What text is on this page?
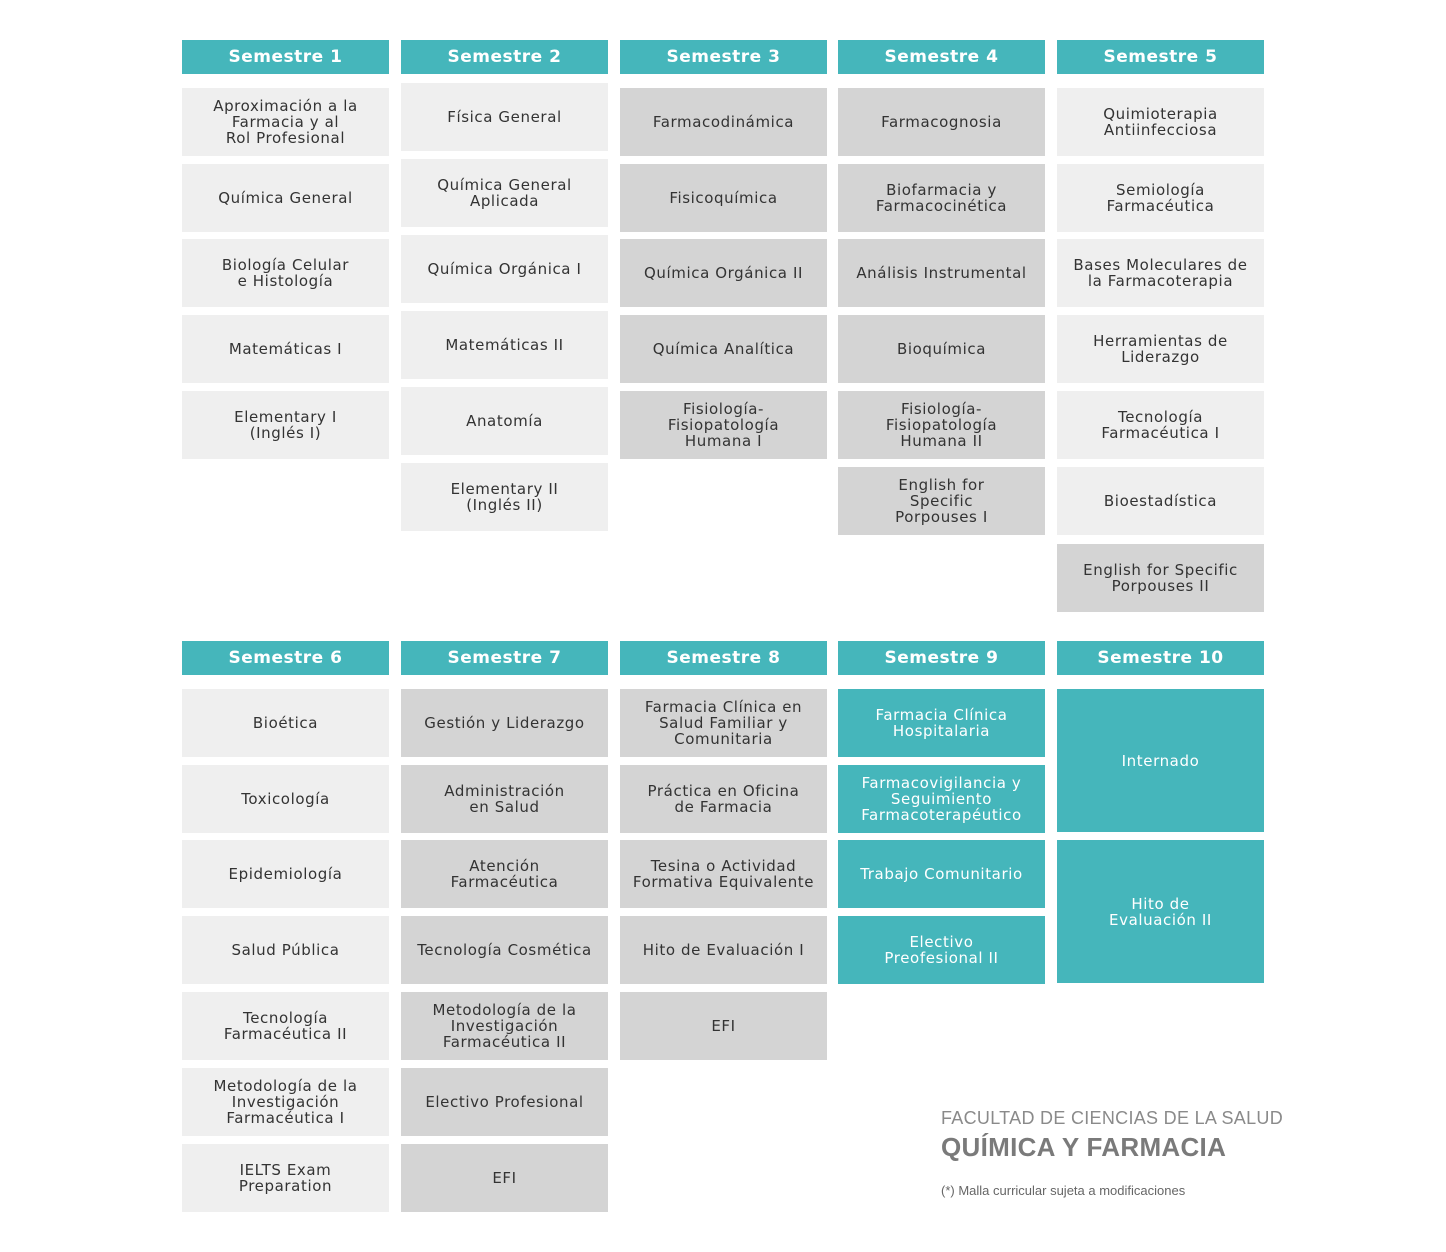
Semestre 1
Aproximación a la
Farmacia y al
Rol Profesional
Química General
Biología Celular
e Histología
Matemáticas I
Elementary I
(Inglés I)
Semestre 2
Física General
Química General
Aplicada
Química Orgánica I
Matemáticas II
Anatomía
Elementary II
(Inglés II)
Semestre 3
Farmacodinámica
Fisicoquímica
Química Orgánica II
Química Analítica
Fisiología-
Fisiopatología
Humana I
Semestre 4
Farmacognosia
Biofarmacia y
Farmacocinética
Análisis Instrumental
Bioquímica
Fisiología-
Fisiopatología
Humana II
English for
Specific
Porpouses I
Semestre 5
Quimioterapia
Antiinfecciosa
Semiología
Farmacéutica
Bases Moleculares de
la Farmacoterapia
Herramientas de
Liderazgo
Tecnología
Farmacéutica I
Bioestadística
English for Specific
Porpouses II
Semestre 6
Bioética
Toxicología
Epidemiología
Salud Pública
Tecnología
Farmacéutica II
Metodología de la
Investigación
Farmacéutica I
IELTS Exam
Preparation
Semestre 7
Gestión y Liderazgo
Administración
en Salud
Atención
Farmacéutica
Tecnología Cosmética
Metodología de la
Investigación
Farmacéutica II
Electivo Profesional
EFI
Semestre 8
Farmacia Clínica en
Salud Familiar y
Comunitaria
Práctica en Oficina
de Farmacia
Tesina o Actividad
Formativa Equivalente
Hito de Evaluación I
EFI
Semestre 9
Farmacia Clínica
Hospitalaria
Farmacovigilancia y
Seguimiento
Farmacoterapéutico
Trabajo Comunitario
Electivo
Preofesional II
Semestre 10
Internado
Hito de
Evaluación II
FACULTAD DE CIENCIAS DE LA SALUD
QUÍMICA Y FARMACIA
(*) Malla curricular sujeta a modificaciones
